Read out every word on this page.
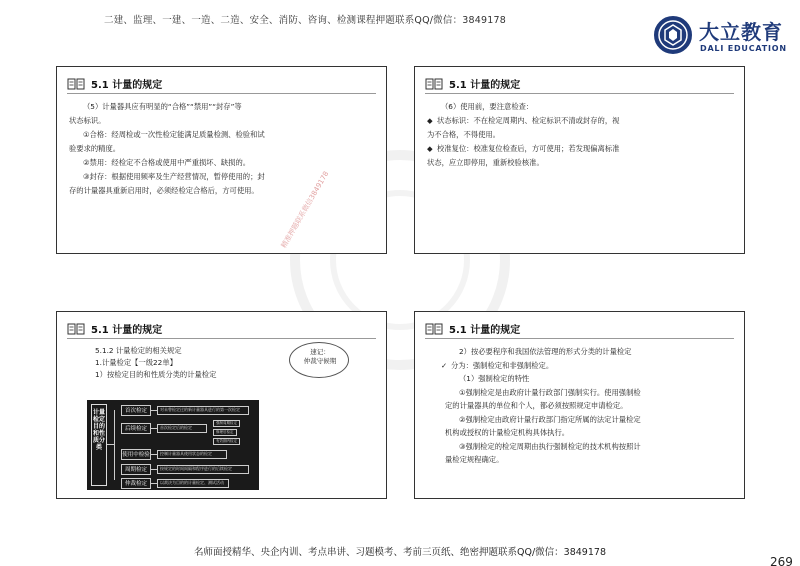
二建、监理、一建、一造、二造、安全、消防、咨询、检测课程押题联系QQ/微信：3849178	大立教育
DALI EDUCATION
5.1 计量的规定

（5）计量器具应有明显的“合格”“禁用”“封存”等

状态标识。

①合格：经周检或一次性检定能满足质量检测、检验和试

验要求的精度。

②禁用：经检定不合格或使用中严重损坏、缺损的。

③封存：根据使用频率及生产经营情况，暂停使用的；封

存的计量器具重新启用时，必须经检定合格后，方可使用。	精准押题联系微信3849178
5.1 计量的规定

（6）使用前，要注意检查：

◆ 状态标识：不在检定周期内、检定标识不清或封存的，视

为不合格，不得使用。

◆ 校准复位：校准复位检查后，方可使用；若发现偏离标准

状态，应立即停用，重新校验核准。

5.1 计量的规定

5.1.2 计量检定的相关规定

1.计量检定【一级22单】

1）按检定目的和性质分类的计量检定

速记：
仲裁守候期
计量检定目的和性质分类
首次检定	对未曾检定过的新计量器具进行的第一次检定
后续检定	首次检定后的检定
强制周期检定
修理后检定
有效期内检定
使用中检验	控制计量器具使用状态的检定
周期检定	按规定的时间间隔和程序进行的后续检定
仲裁检定	以裁决为目的的计量检定、测试活动
5.1 计量的规定

2）按必要程序和我国依法管理的形式分类的计量检定

✓ 分为：强制检定和非强制检定。

（1）强制检定的特性

①强制检定是由政府计量行政部门强制实行。使用强制检

定的计量器具的单位和个人，都必须按照规定申请检定。

②强制检定由政府计量行政部门指定所属的法定计量检定

机构或授权的计量检定机构具体执行。

③强制检定的检定周期由执行强制检定的技术机构按照计

量检定规程确定。

名师面授精华、央企内训、考点串讲、习题模考、考前三页纸、绝密押题联系QQ/微信：3849178
269
